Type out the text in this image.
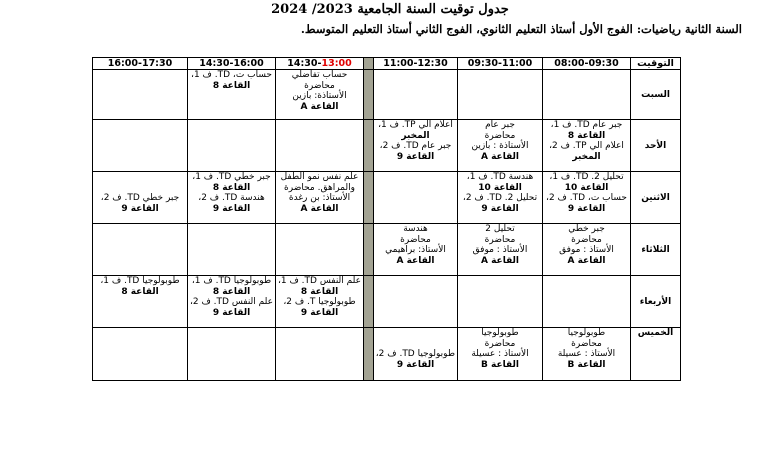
جدول توقيت السنة الجامعية 2023/ 2024
السنة الثانية رياضيات: الفوج الأول أستاذ التعليم الثانوي، الفوج الثاني أستاذ التعليم المتوسط.
التوقيت	08:00-09:30	09:30-11:00	11:00-12:30		14:30-13:00	14:30-16:00	16:00-17:30
السبت					حساب تفاضلي
محاضرة
الأستاذة: بازين
القاعة A	حساب ت، TD. ف 1،
القاعة 8	

الأحد	جبر عام TD. ف 1،
القاعة 8
اعلام الي TP. ف 2،
المخبر	جبر عام
محاضرة
الأستاذة : بازين
القاعة A	اعلام الي TP. ف 1،
المخبر
جبر عام TD. ف 2،
القاعة 9				

الاثنين	تحليل 2. TD. ف 1،
القاعة 10
حساب ت، TD. ف 2،
القاعة 9	هندسة TD. ف 1،
القاعة 10
تحليل 2. TD. ف 2،
القاعة 9			علم نفس نمو الطفل
والمراهق. محاضرة
الأستاذ: بن رغدة
القاعة A	جبر خطي TD. ف 1،
القاعة 8
هندسة TD. ف 2،
القاعة 9	جبر خطي TD. ف 2،
القاعة 9

الثلاثاء	جبر خطي
محاضرة
الأستاذ : موفق
القاعة A	تحليل 2
محاضرة
الأستاذ : موفق
القاعة A	هندسة
محاضرة
الأستاذ: براهيمي
القاعة A				

الأربعاء					علم النفس TD. ف 1،
القاعة 8
طوبولوجيا T. ف 2،
القاعة 9	طوبولوجيا TD. ف 1،
القاعة 8
علم النفس TD. ف 2،
القاعة 9	طوبولوجيا TD. ف 1،
القاعة 8

الخميس	طوبولوجيا
محاضرة
الأستاذ : عسيلة
القاعة B	طوبولوجيا
محاضرة
الأستاذ : عسيلة
القاعة B	طوبولوجيا TD. ف 2،
القاعة 9				
